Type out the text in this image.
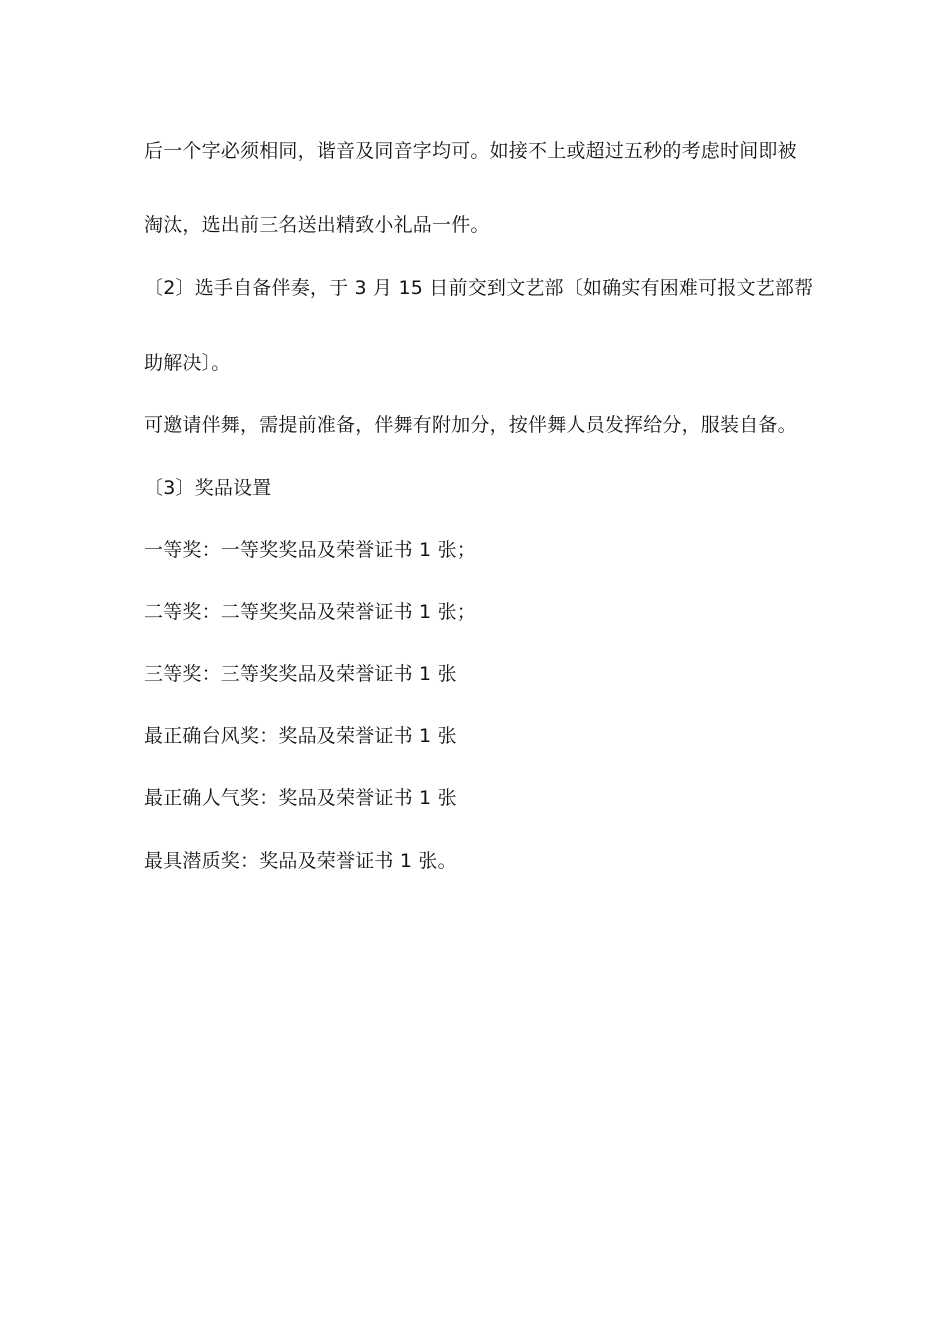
后一个字必须相同，谐音及同音字均可。如接不上或超过五秒的考虑时间即被
淘汰，选出前三名送出精致小礼品一件。
〔2〕选手自备伴奏，于 3 月 15 日前交到文艺部〔如确实有困难可报文艺部帮
助解决〕。
可邀请伴舞，需提前准备，伴舞有附加分，按伴舞人员发挥给分，服装自备。
〔3〕奖品设置
一等奖：一等奖奖品及荣誉证书 1 张；
二等奖：二等奖奖品及荣誉证书 1 张；
三等奖：三等奖奖品及荣誉证书 1 张
最正确台风奖：奖品及荣誉证书 1 张
最正确人气奖：奖品及荣誉证书 1 张
最具潜质奖：奖品及荣誉证书 1 张。
